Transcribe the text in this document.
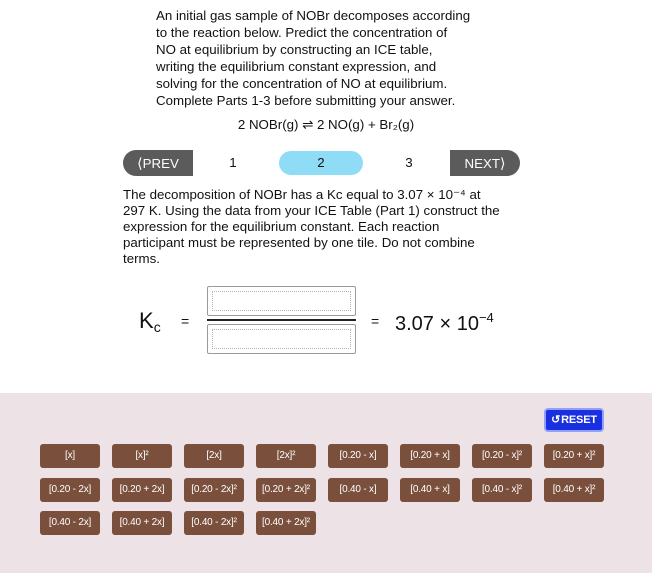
An initial gas sample of NOBr decomposes according
to the reaction below. Predict the concentration of
NO at equilibrium by constructing an ICE table,
writing the equilibrium constant expression, and
solving for the concentration of NO at equilibrium.
Complete Parts 1-3 before submitting your answer.

2 NOBr(g) ⇌ 2 NO(g) + Br₂(g)
⟨PREV	1	2	3	NEXT⟩

The decomposition of NOBr has a Kc equal to 3.07 × 10⁻⁴ at
297 K. Using the data from your ICE Table (Part 1) construct the
expression for the equilibrium constant. Each reaction
participant must be represented by one tile. Do not combine
terms.

$K_c$ =	= $3.07 \times 10^{-4}$
↺RESET
[x]	[x]²	[2x]	[2x]²	[0.20 - x]	[0.20 + x]	[0.20 - x]²	[0.20 + x]²
[0.20 - 2x]	[0.20 + 2x]	[0.20 - 2x]²	[0.20 + 2x]²	[0.40 - x]	[0.40 + x]	[0.40 - x]²	[0.40 + x]²
[0.40 - 2x]	[0.40 + 2x]	[0.40 - 2x]²	[0.40 + 2x]²
